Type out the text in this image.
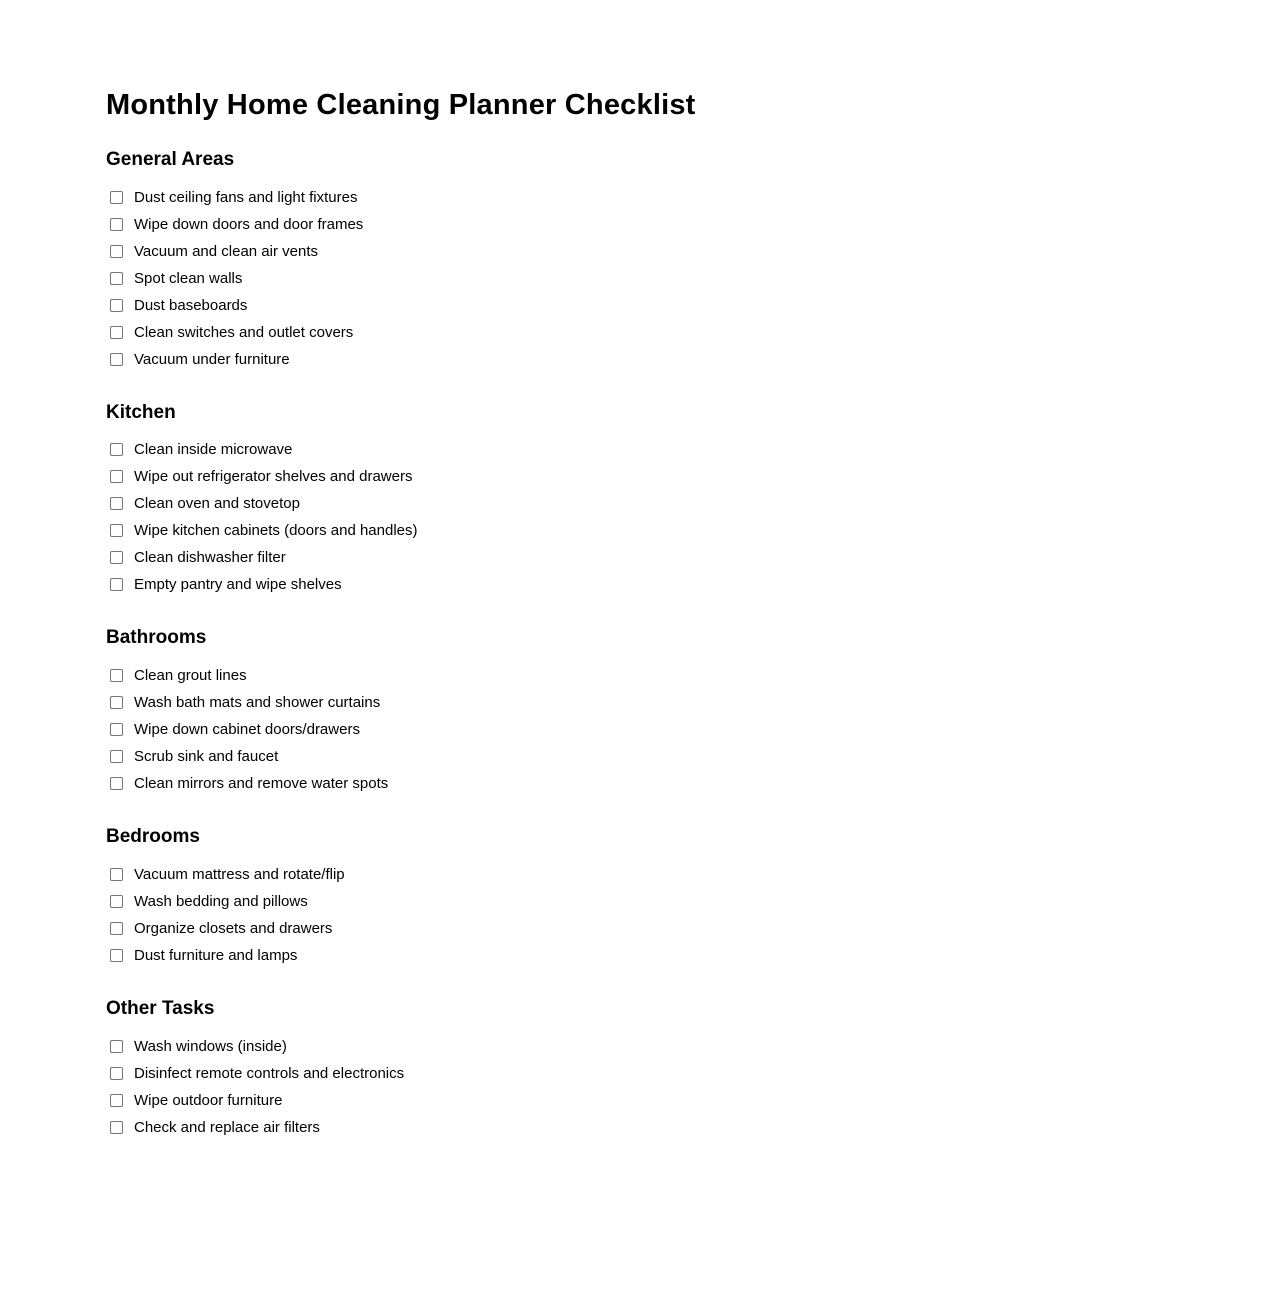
Monthly Home Cleaning Planner Checklist
General Areas
Dust ceiling fans and light fixtures
Wipe down doors and door frames
Vacuum and clean air vents
Spot clean walls
Dust baseboards
Clean switches and outlet covers
Vacuum under furniture
Kitchen
Clean inside microwave
Wipe out refrigerator shelves and drawers
Clean oven and stovetop
Wipe kitchen cabinets (doors and handles)
Clean dishwasher filter
Empty pantry and wipe shelves
Bathrooms
Clean grout lines
Wash bath mats and shower curtains
Wipe down cabinet doors/drawers
Scrub sink and faucet
Clean mirrors and remove water spots
Bedrooms
Vacuum mattress and rotate/flip
Wash bedding and pillows
Organize closets and drawers
Dust furniture and lamps
Other Tasks
Wash windows (inside)
Disinfect remote controls and electronics
Wipe outdoor furniture
Check and replace air filters
